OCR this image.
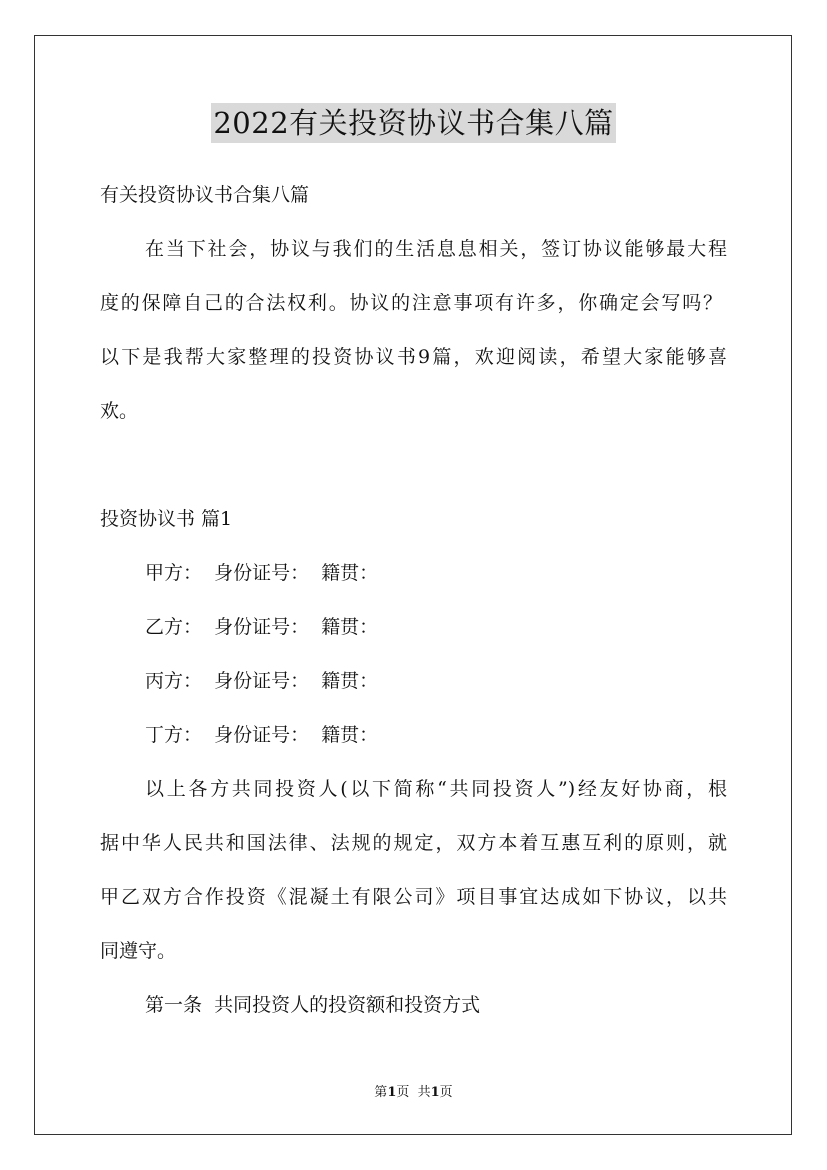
2022有关投资协议书合集八篇
有关投资协议书合集八篇
在当下社会，协议与我们的生活息息相关，签订协议能够最大程
度的保障自己的合法权利。协议的注意事项有许多，你确定会写吗？
以下是我帮大家整理的投资协议书9篇，欢迎阅读，希望大家能够喜
欢。
投资协议书 篇1
甲方：  身份证号：  籍贯：
乙方：  身份证号：  籍贯：
丙方：  身份证号：  籍贯：
丁方：  身份证号：  籍贯：
以上各方共同投资人(以下简称“共同投资人”)经友好协商，根
据中华人民共和国法律、法规的规定，双方本着互惠互利的原则，就
甲乙双方合作投资《混凝土有限公司》项目事宜达成如下协议，以共
同遵守。
第一条  共同投资人的投资额和投资方式
第1页  共1页
